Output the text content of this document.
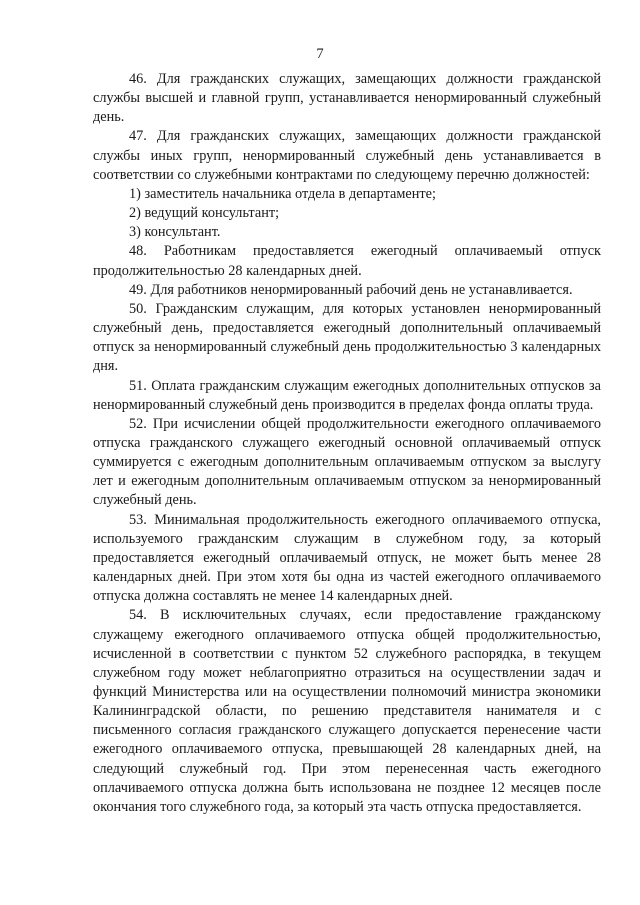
7

46. Для гражданских служащих, замещающих должности гражданской службы высшей и главной групп, устанавливается ненормированный служебный день.

47. Для гражданских служащих, замещающих должности гражданской службы иных групп, ненормированный служебный день устанавливается в соответствии со служебными контрактами по следующему перечню должностей:

1) заместитель начальника отдела в департаменте;

2) ведущий консультант;

3) консультант.

48. Работникам предоставляется ежегодный оплачиваемый отпуск продолжительностью 28 календарных дней.

49. Для работников ненормированный рабочий день не устанавливается.

50. Гражданским служащим, для которых установлен ненормированный служебный день, предоставляется ежегодный дополнительный оплачиваемый отпуск за ненормированный служебный день продолжительностью 3 календарных дня.

51. Оплата гражданским служащим ежегодных дополнительных отпусков за ненормированный служебный день производится в пределах фонда оплаты труда.

52. При исчислении общей продолжительности ежегодного оплачиваемого отпуска гражданского служащего ежегодный основной оплачиваемый отпуск суммируется с ежегодным дополнительным оплачиваемым отпуском за выслугу лет и ежегодным дополнительным оплачиваемым отпуском за ненормированный служебный день.

53. Минимальная продолжительность ежегодного оплачиваемого отпуска, используемого гражданским служащим в служебном году, за который предоставляется ежегодный оплачиваемый отпуск, не может быть менее 28 календарных дней. При этом хотя бы одна из частей ежегодного оплачиваемого отпуска должна составлять не менее 14 календарных дней.

54. В исключительных случаях, если предоставление гражданскому служащему ежегодного оплачиваемого отпуска общей продолжительностью, исчисленной в соответствии с пунктом 52 служебного распорядка, в текущем служебном году может неблагоприятно отразиться на осуществлении задач и функций Министерства или на осуществлении полномочий министра экономики Калининградской области, по решению представителя нанимателя и с письменного согласия гражданского служащего допускается перенесение части ежегодного оплачиваемого отпуска, превышающей 28 календарных дней, на следующий служебный год. При этом перенесенная часть ежегодного оплачиваемого отпуска должна быть использована не позднее 12 месяцев после окончания того служебного года, за который эта часть отпуска предоставляется.
